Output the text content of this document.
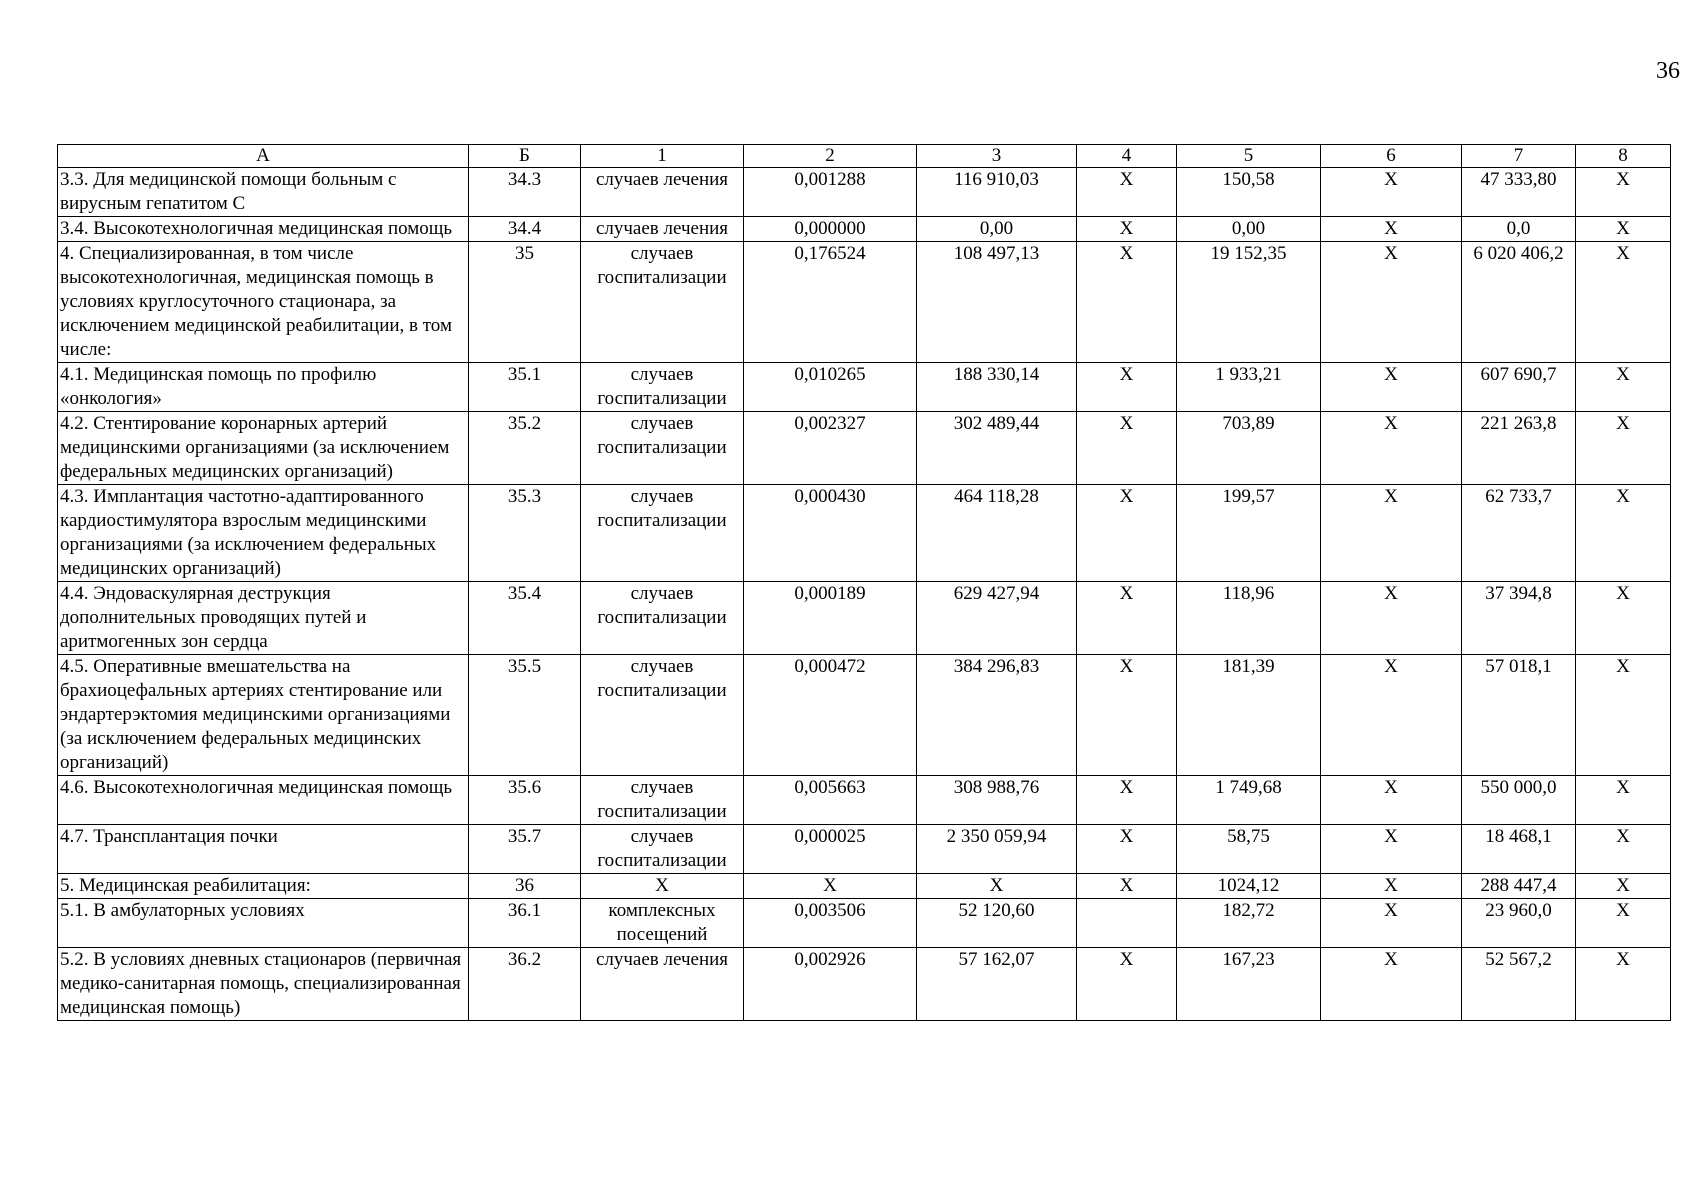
36
А	Б	1	2	3	4	5	6	7	8
3.3. Для медицинской помощи больным с вирусным гепатитом С	34.3	случаев лечения	0,001288	116 910,03	X	150,58	X	47 333,80	X
3.4. Высокотехнологичная медицинская помощь	34.4	случаев лечения	0,000000	0,00	X	0,00	X	0,0	X
4. Специализированная, в том числе высокотехнологичная, медицинская помощь в условиях круглосуточного стационара, за исключением медицинской реабилитации, в том числе:	35	случаев госпитализации	0,176524	108 497,13	X	19 152,35	X	6 020 406,2	X
4.1. Медицинская помощь по профилю «онкология»	35.1	случаев госпитализации	0,010265	188 330,14	X	1 933,21	X	607 690,7	X
4.2. Стентирование коронарных артерий медицинскими организациями (за исключением федеральных медицинских организаций)	35.2	случаев госпитализации	0,002327	302 489,44	X	703,89	X	221 263,8	X
4.3. Имплантация частотно-адаптированного кардиостимулятора взрослым медицинскими организациями (за исключением федеральных медицинских организаций)	35.3	случаев госпитализации	0,000430	464 118,28	X	199,57	X	62 733,7	X
4.4. Эндоваскулярная деструкция дополнительных проводящих путей и аритмогенных зон сердца	35.4	случаев госпитализации	0,000189	629 427,94	X	118,96	X	37 394,8	X
4.5. Оперативные вмешательства на брахиоцефальных артериях стентирование или эндартерэктомия медицинскими организациями (за исключением федеральных медицинских организаций)	35.5	случаев госпитализации	0,000472	384 296,83	X	181,39	X	57 018,1	X
4.6. Высокотехнологичная медицинская помощь	35.6	случаев госпитализации	0,005663	308 988,76	X	1 749,68	X	550 000,0	X
4.7. Трансплантация почки	35.7	случаев госпитализации	0,000025	2 350 059,94	X	58,75	X	18 468,1	X
5. Медицинская реабилитация:	36	X	X	X	X	1024,12	X	288 447,4	X
5.1. В амбулаторных условиях	36.1	комплексных посещений	0,003506	52 120,60		182,72	X	23 960,0	X
5.2. В условиях дневных стационаров (первичная медико-санитарная помощь, специализированная медицинская помощь)	36.2	случаев лечения	0,002926	57 162,07	X	167,23	X	52 567,2	X
